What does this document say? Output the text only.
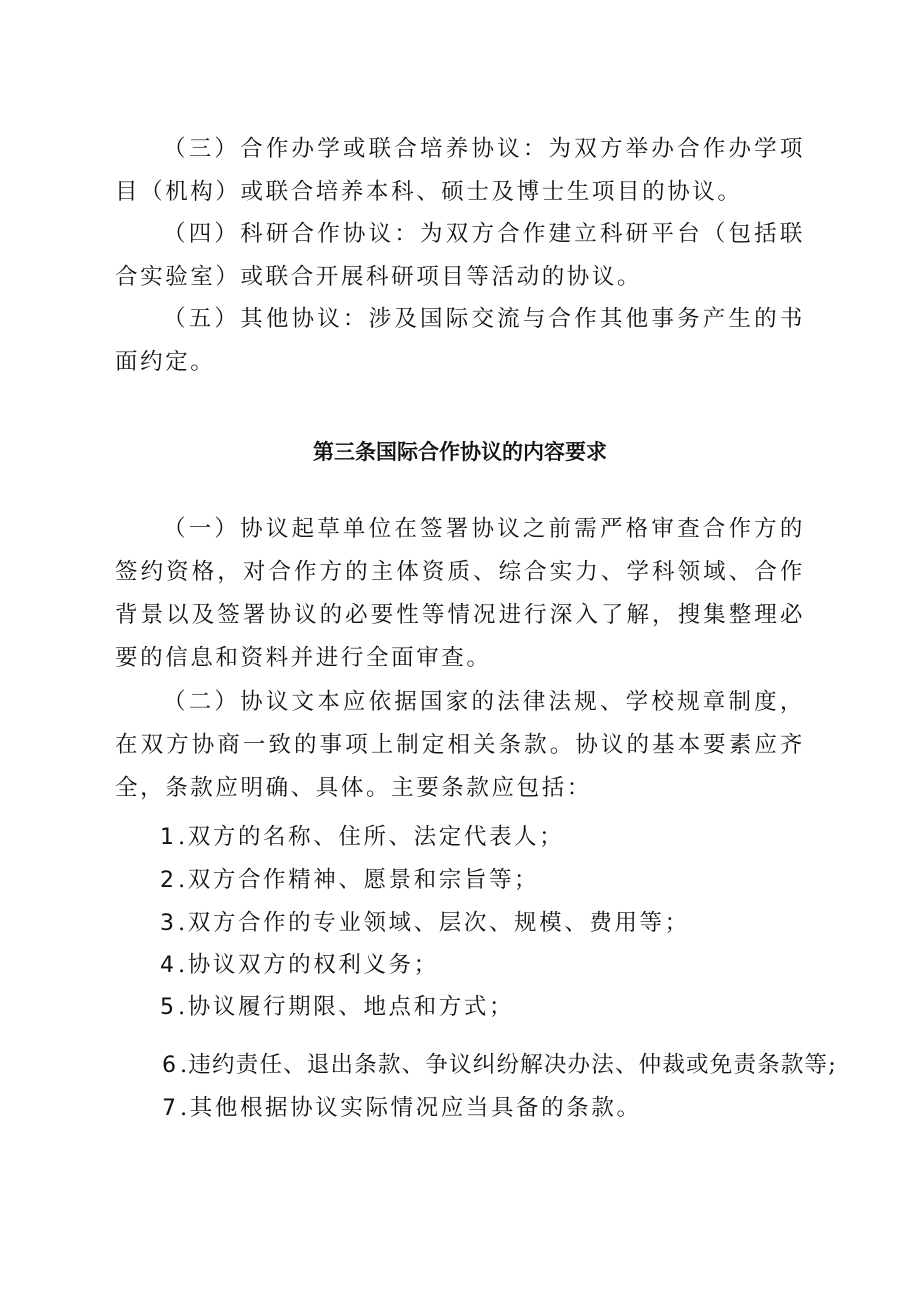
（三）合作办学或联合培养协议：为双方举办合作办学项目（机构）或联合培养本科、硕士及博士生项目的协议。

（四）科研合作协议：为双方合作建立科研平台（包括联合实验室）或联合开展科研项目等活动的协议。

（五）其他协议：涉及国际交流与合作其他事务产生的书面约定。

第三条国际合作协议的内容要求

（一）协议起草单位在签署协议之前需严格审查合作方的签约资格，对合作方的主体资质、综合实力、学科领域、合作背景以及签署协议的必要性等情况进行深入了解，搜集整理必要的信息和资料并进行全面审查。

（二）协议文本应依据国家的法律法规、学校规章制度，在双方协商一致的事项上制定相关条款。协议的基本要素应齐全，条款应明确、具体。主要条款应包括：

1 .双方的名称、住所、法定代表人；
2 .双方合作精神、愿景和宗旨等；
3 .双方合作的专业领域、层次、规模、费用等；
4 .协议双方的权利义务；
5 .协议履行期限、地点和方式；
6 .违约责任、退出条款、争议纠纷解决办法、仲裁或免责条款等;
7 .其他根据协议实际情况应当具备的条款。
